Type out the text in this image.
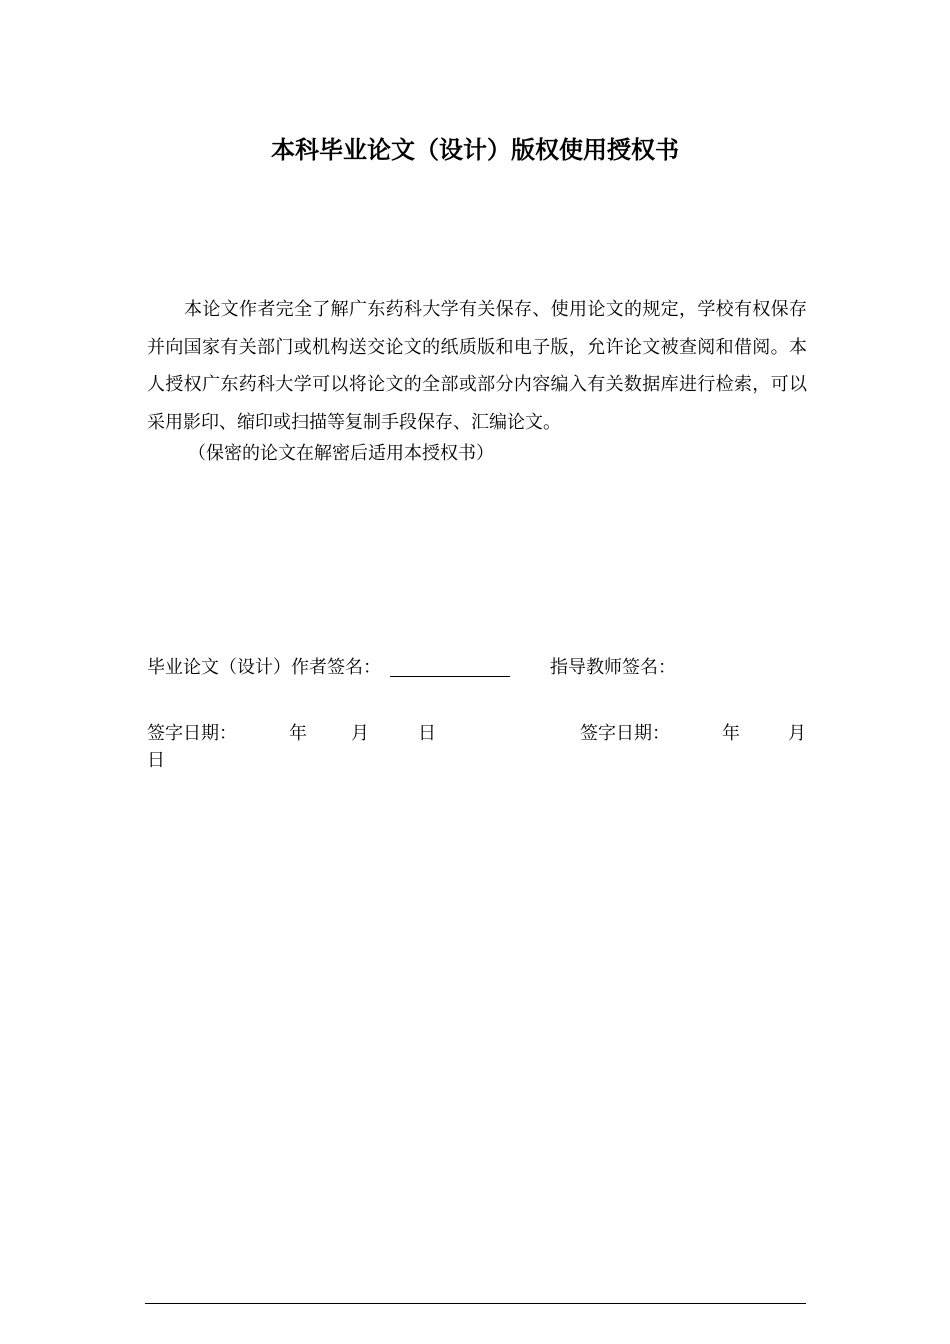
本科毕业论文（设计）版权使用授权书

本论文作者完全了解广东药科大学有关保存、使用论文的规定，学校有权保存并向国家有关部门或机构送交论文的纸质版和电子版，允许论文被查阅和借阅。本人授权广东药科大学可以将论文的全部或部分内容编入有关数据库进行检索，可以采用影印、缩印或扫描等复制手段保存、汇编论文。

（保密的论文在解密后适用本授权书）
毕业论文（设计）作者签名：	指导教师签名：
签字日期：	年 月	日	签字日期：	年	月
日
